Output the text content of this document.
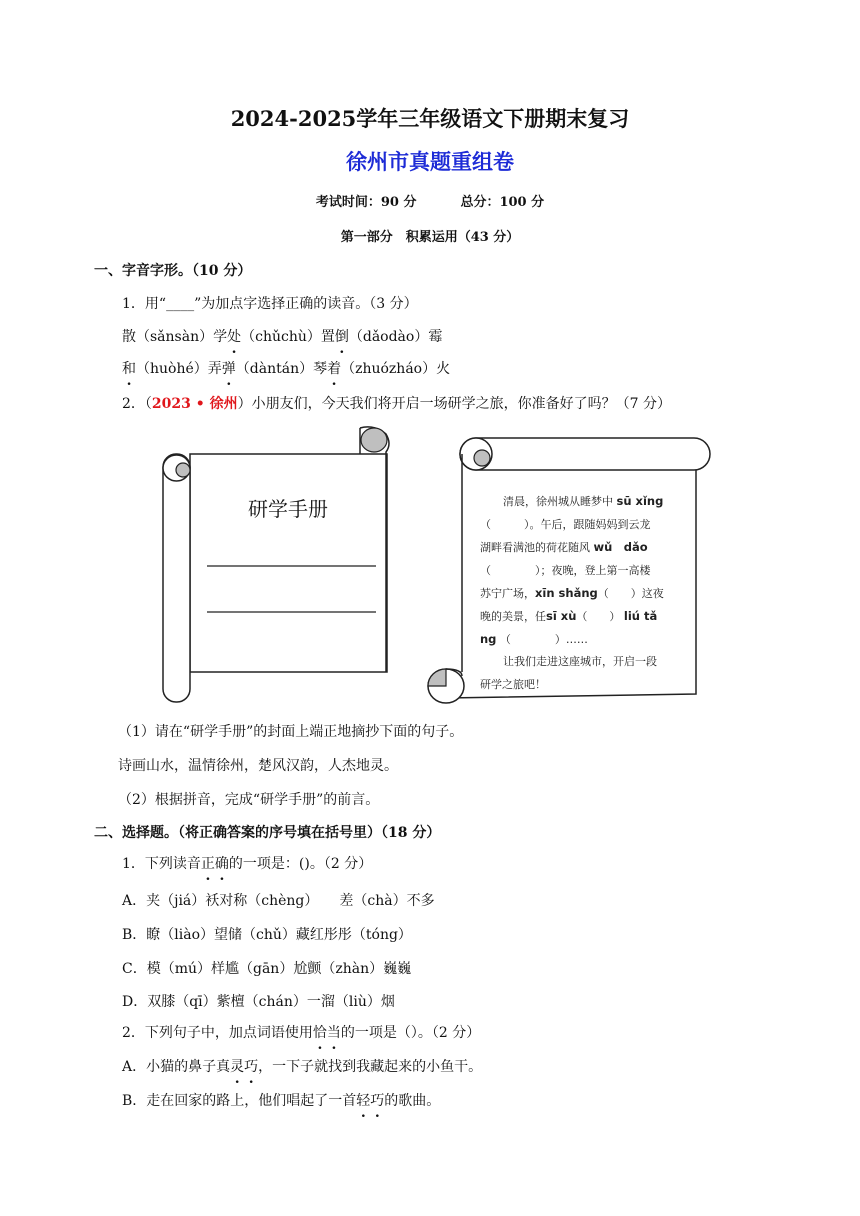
2024-2025学年三年级语文下册期末复习
徐州市真题重组卷
考试时间：90 分	总分：100 分
第一部分　积累运用（43 分）
一、字音字形。（10 分）
1．用“____”为加点字选择正确的读音。（3 分）
散（sǎnsàn）学处（chǔchù）置倒（dǎodào）霉
和（huòhé）弄弹（dàntán）琴着（zhuózháo）火
2．（2023 • 徐州）小朋友们，今天我们将开启一场研学之旅，你准备好了吗？（7 分）
研学手册	清晨，徐州城从睡梦中 sū xǐng
（　　　）。午后，跟随妈妈到云龙
湖畔看满池的荷花随风 wǔ　dǎo
（　　　　）；夜晚，登上第一高楼
苏宁广场，xīn shǎng（　　）这夜
晚的美景，任sī xù（　　） liú tǎ
ng （　　　　）……
让我们走进这座城市，开启一段
研学之旅吧！
（1）请在“研学手册”的封面上端正地摘抄下面的句子。
诗画山水，温情徐州，楚风汉韵，人杰地灵。
（2）根据拼音，完成“研学手册”的前言。
二、选择题。（将正确答案的序号填在括号里）（18 分）
1．下列读音正确的一项是：()。（2 分）
A．夹（jiá）袄对称（chèng）　　差（chà）不多
B．瞭（liào）望储（chǔ）藏红彤彤（tóng）
C．模（mú）样尴（gān）尬颤（zhàn）巍巍
D．双膝（qī）紫檀（chán）一溜（liù）烟
2．下列句子中，加点词语使用恰当的一项是（）。（2 分）
A．小猫的鼻子真灵巧，一下子就找到我藏起来的小鱼干。
B．走在回家的路上，他们唱起了一首轻巧的歌曲。
